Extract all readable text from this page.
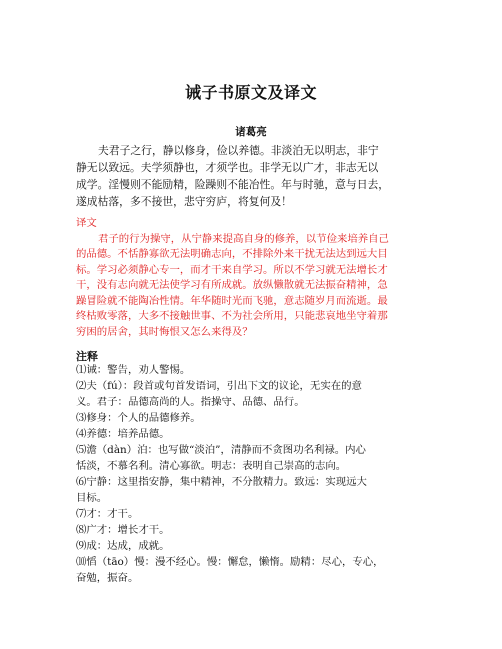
诫子书原文及译文
诸葛亮
夫君子之行，静以修身，俭以养德。非淡泊无以明志，非宁
静无以致远。夫学须静也，才须学也。非学无以广才，非志无以
成学。淫慢则不能励精，险躁则不能冶性。年与时驰，意与日去，
遂成枯落，多不接世，悲守穷庐，将复何及！
译文
君子的行为操守，从宁静来提高自身的修养，以节俭来培养自己
的品德。不恬静寡欲无法明确志向，不排除外来干扰无法达到远大目
标。学习必须静心专一，而才干来自学习。所以不学习就无法增长才
干，没有志向就无法使学习有所成就。放纵懒散就无法振奋精神，急
躁冒险就不能陶冶性情。年华随时光而飞驰，意志随岁月而流逝。最
终枯败零落，大多不接触世事、不为社会所用，只能悲哀地坐守着那
穷困的居舍，其时悔恨又怎么来得及？
注释
⑴诫：警告，劝人警惕。
⑵夫（fú）：段首或句首发语词，引出下文的议论，无实在的意
义。君子：品德高尚的人。指操守、品德、品行。
⑶修身：个人的品德修养。
⑷养德：培养品德。
⑸澹（dàn）泊：也写做“淡泊”，清静而不贪图功名利禄。内心
恬淡，不慕名利。清心寡欲。明志：表明自己崇高的志向。
⑹宁静：这里指安静，集中精神，不分散精力。致远：实现远大
目标。
⑺才：才干。
⑻广才：增长才干。
⑼成：达成，成就。
⑽慆（tāo）慢：漫不经心。慢：懈怠，懒惰。励精：尽心，专心，
奋勉，振奋。
